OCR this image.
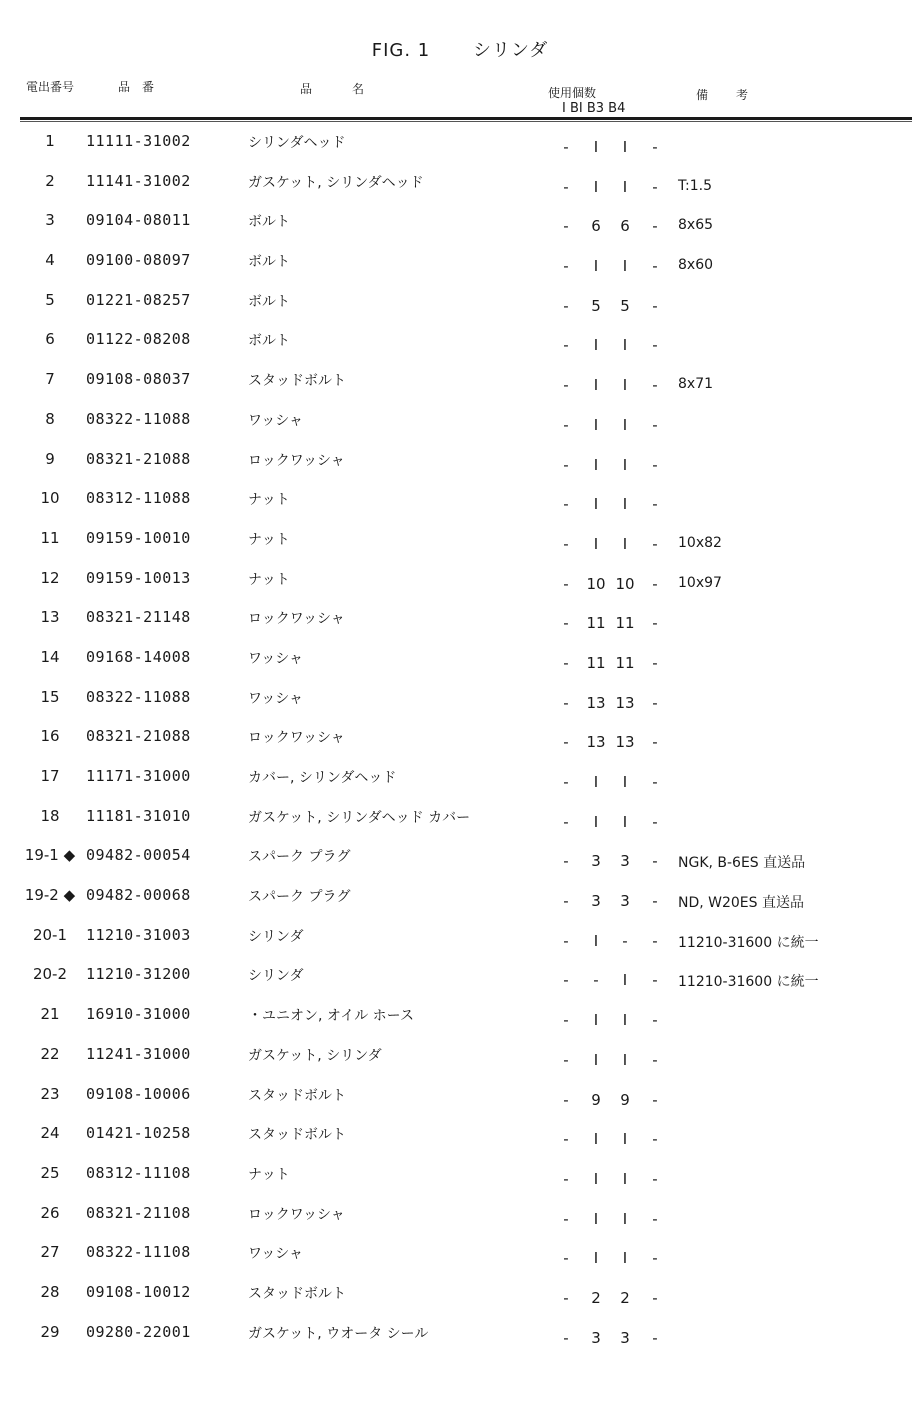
FIG. 1 シリンダ
電出番号	品　番	品　名	使用個数
I BI B3 B4
備　考
1	11111-31002	シリンダヘッド	-	I	I	-
2	11141-31002	ガスケット, シリンダヘッド	-	I	I	-	T:1.5
3	09104-08011	ボルト	-	6	6	-	8x65
4	09100-08097	ボルト	-	I	I	-	8x60
5	01221-08257	ボルト	-	5	5	-
6	01122-08208	ボルト	-	I	I	-
7	09108-08037	スタッドボルト	-	I	I	-	8x71
8	08322-11088	ワッシャ	-	I	I	-
9	08321-21088	ロックワッシャ	-	I	I	-
10	08312-11088	ナット	-	I	I	-
11	09159-10010	ナット	-	I	I	-	10x82
12	09159-10013	ナット	-	10 10	-	10x97
13	08321-21148	ロックワッシャ	-	11 11	-
14	09168-14008	ワッシャ	-	11 11	-
15	08322-11088	ワッシャ	-	13 13	-
16	08321-21088	ロックワッシャ	-	13 13	-
17	11171-31000	カバー, シリンダヘッド	-	I	I	-
18	11181-31010	ガスケット, シリンダヘッド カバー	-	I	I	-
19-1 ◆ 09482-00054	スパーク プラグ	-	3	3	-	NGK, B-6ES 直送品
19-2 ◆ 09482-00068	スパーク プラグ	-	3	3	-	ND, W20ES 直送品
20-1	11210-31003	シリンダ	-	I	-	-	11210-31600 に統一
20-2	11210-31200	シリンダ	-	-	I	-	11210-31600 に統一
21	16910-31000	・ユニオン, オイル ホース	-	I	I	-
22	11241-31000	ガスケット, シリンダ	-	I	I	-
23	09108-10006	スタッドボルト	-	9	9	-
24	01421-10258	スタッドボルト	-	I	I	-
25	08312-11108	ナット	-	I	I	-
26	08321-21108	ロックワッシャ	-	I	I	-
27	08322-11108	ワッシャ	-	I	I	-
28	09108-10012	スタッドボルト	-	2	2	-
29	09280-22001	ガスケット, ウオータ シール	-	3	3	-
